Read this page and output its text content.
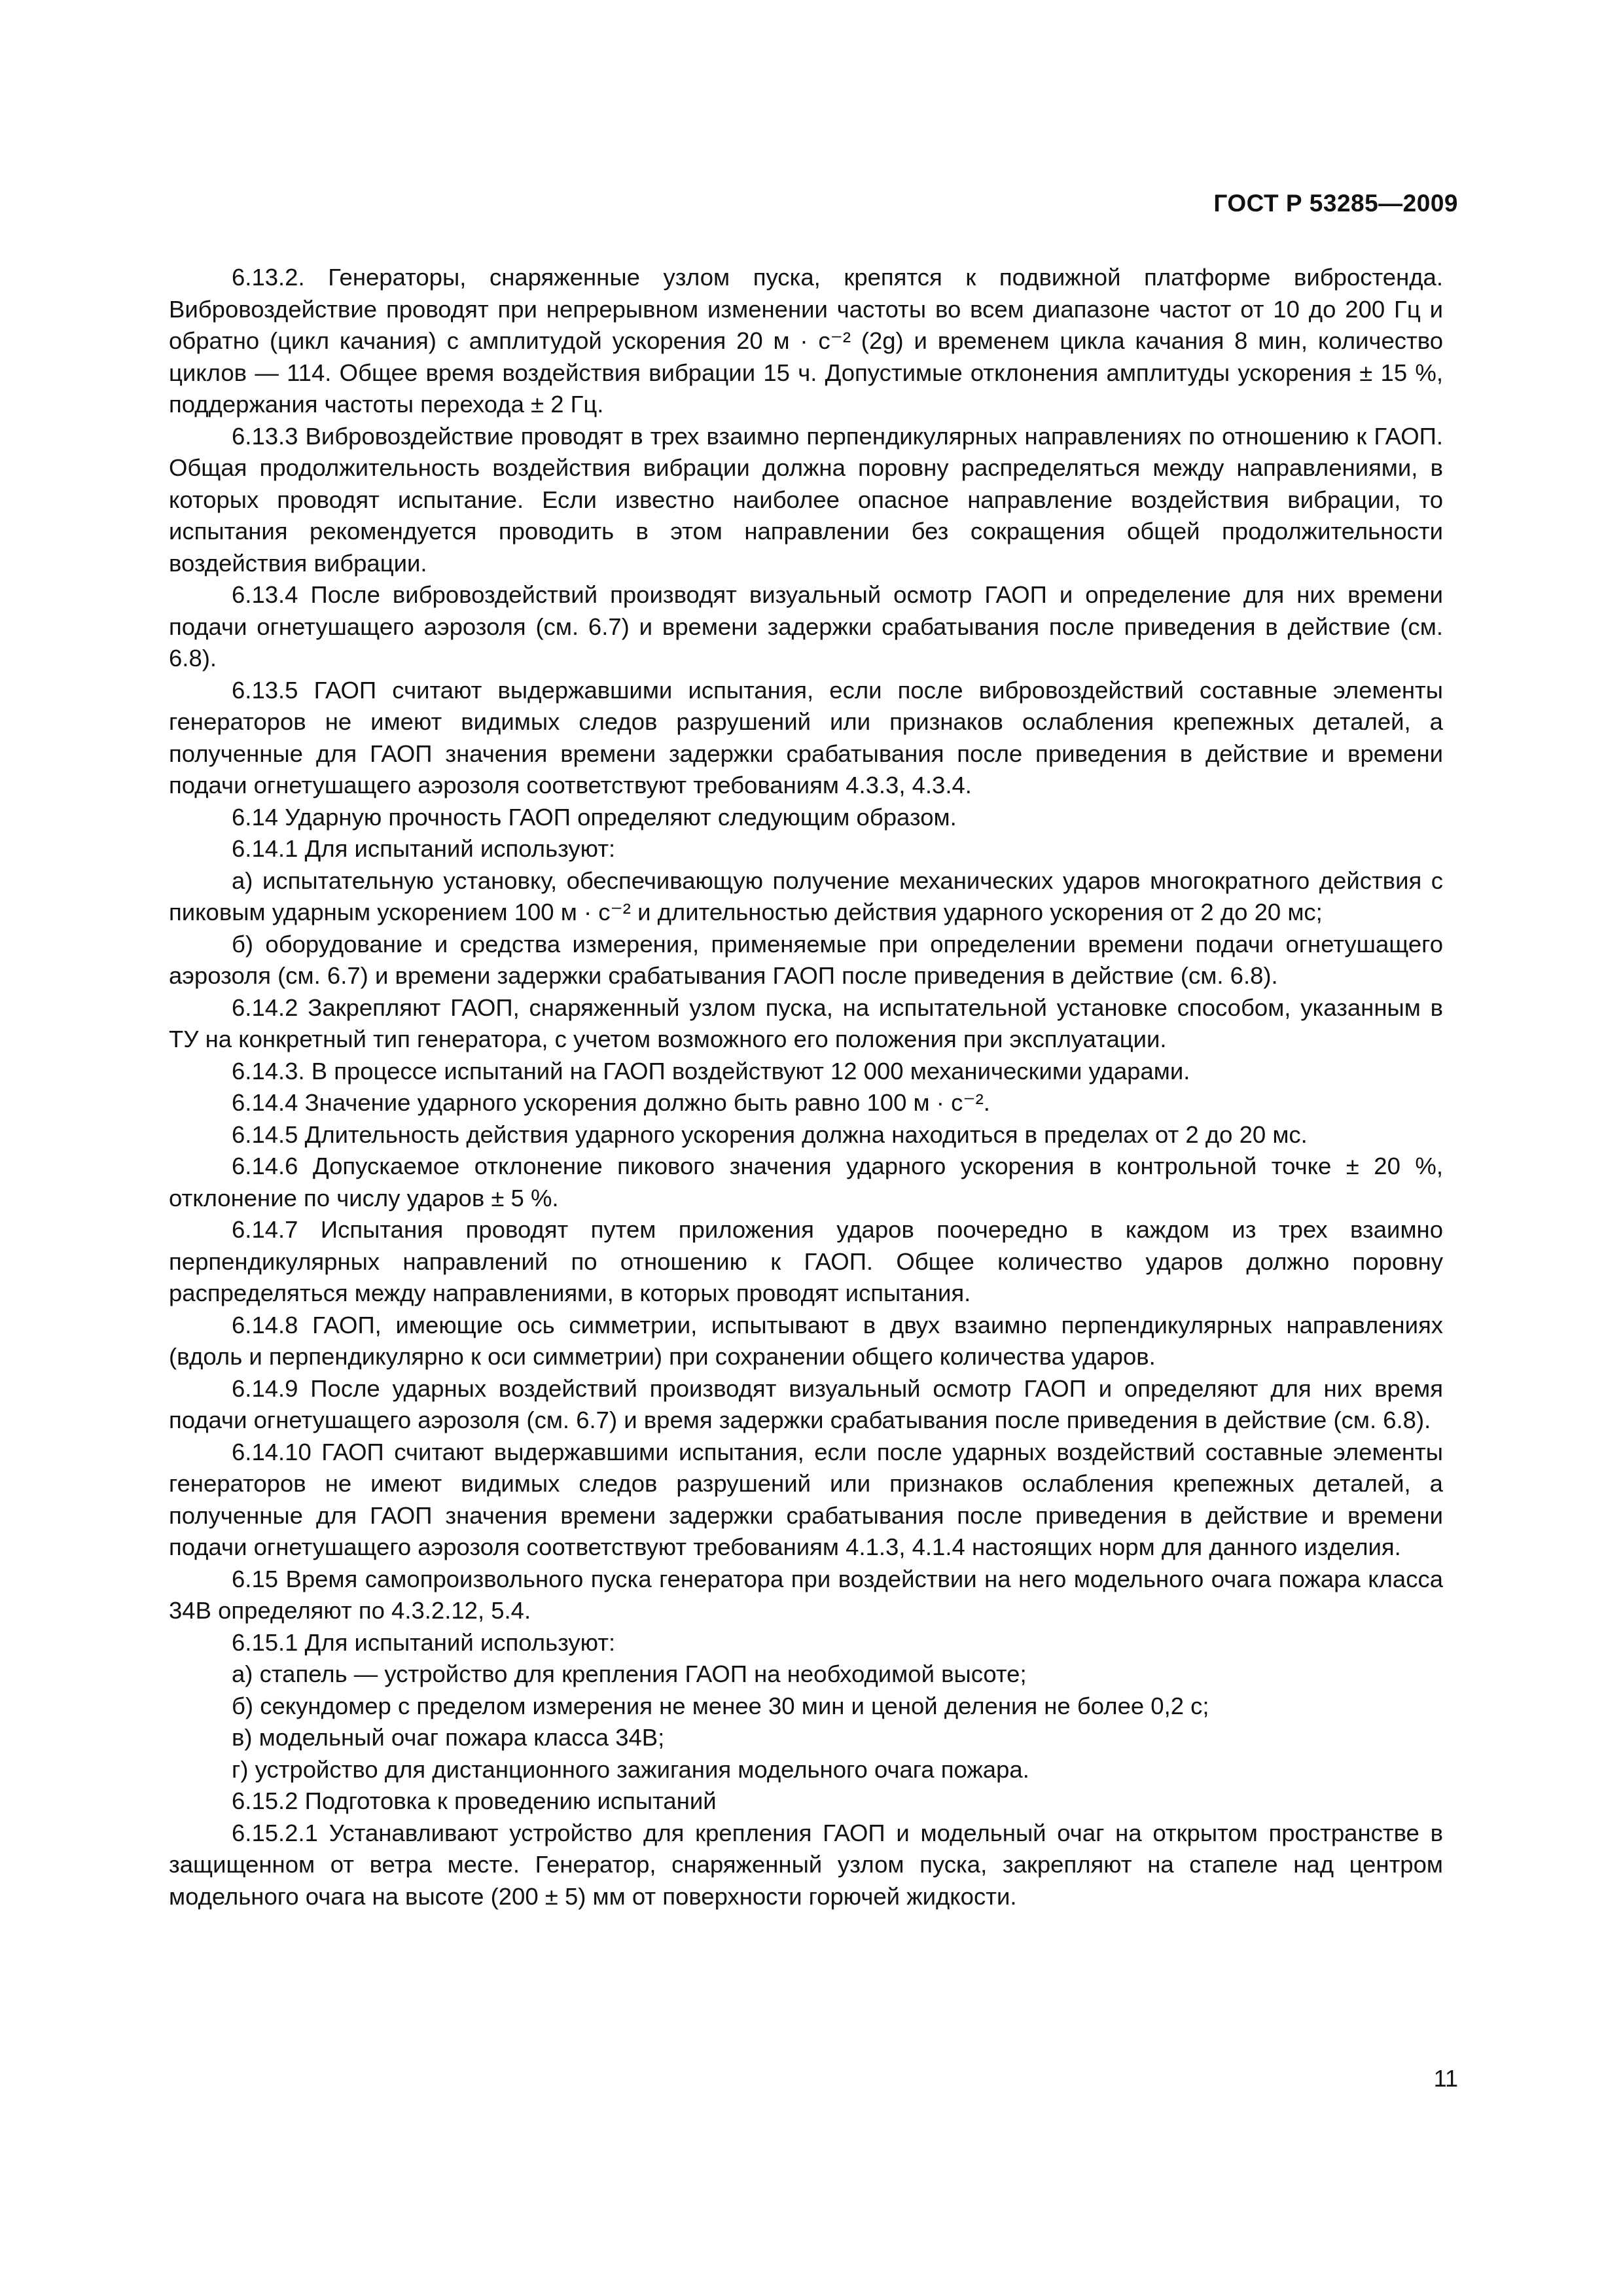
ГОСТ Р 53285—2009

6.13.2. Генераторы, снаряженные узлом пуска, крепятся к подвижной платформе вибростенда. Вибровоздействие проводят при непрерывном изменении частоты во всем диапазоне частот от 10 до 200 Гц и обратно (цикл качания) с амплитудой ускорения 20 м · с⁻² (2g) и временем цикла качания 8 мин, количество циклов — 114. Общее время воздействия вибрации 15 ч. Допустимые отклонения амплитуды ускорения ± 15 %, поддержания частоты перехода ± 2 Гц.

6.13.3 Вибровоздействие проводят в трех взаимно перпендикулярных направлениях по отношению к ГАОП. Общая продолжительность воздействия вибрации должна поровну распределяться между направлениями, в которых проводят испытание. Если известно наиболее опасное направление воздействия вибрации, то испытания рекомендуется проводить в этом направлении без сокращения общей продолжительности воздействия вибрации.

6.13.4 После вибровоздействий производят визуальный осмотр ГАОП и определение для них времени подачи огнетушащего аэрозоля (см. 6.7) и времени задержки срабатывания после приведения в действие (см. 6.8).

6.13.5 ГАОП считают выдержавшими испытания, если после вибровоздействий составные элементы генераторов не имеют видимых следов разрушений или признаков ослабления крепежных деталей, а полученные для ГАОП значения времени задержки срабатывания после приведения в действие и времени подачи огнетушащего аэрозоля соответствуют требованиям 4.3.3, 4.3.4.

6.14 Ударную прочность ГАОП определяют следующим образом.

6.14.1 Для испытаний используют:

а) испытательную установку, обеспечивающую получение механических ударов многократного действия с пиковым ударным ускорением 100 м · с⁻² и длительностью действия ударного ускорения от 2 до 20 мс;

б) оборудование и средства измерения, применяемые при определении времени подачи огнетушащего аэрозоля (см. 6.7) и времени задержки срабатывания ГАОП после приведения в действие (см. 6.8).

6.14.2 Закрепляют ГАОП, снаряженный узлом пуска, на испытательной установке способом, указанным в ТУ на конкретный тип генератора, с учетом возможного его положения при эксплуатации.

6.14.3. В процессе испытаний на ГАОП воздействуют 12 000 механическими ударами.

6.14.4 Значение ударного ускорения должно быть равно 100 м · с⁻².

6.14.5 Длительность действия ударного ускорения должна находиться в пределах от 2 до 20 мс.

6.14.6 Допускаемое отклонение пикового значения ударного ускорения в контрольной точке ± 20 %, отклонение по числу ударов ± 5 %.

6.14.7 Испытания проводят путем приложения ударов поочередно в каждом из трех взаимно перпендикулярных направлений по отношению к ГАОП. Общее количество ударов должно поровну распределяться между направлениями, в которых проводят испытания.

6.14.8 ГАОП, имеющие ось симметрии, испытывают в двух взаимно перпендикулярных направлениях (вдоль и перпендикулярно к оси симметрии) при сохранении общего количества ударов.

6.14.9 После ударных воздействий производят визуальный осмотр ГАОП и определяют для них время подачи огнетушащего аэрозоля (см. 6.7) и время задержки срабатывания после приведения в действие (см. 6.8).

6.14.10 ГАОП считают выдержавшими испытания, если после ударных воздействий составные элементы генераторов не имеют видимых следов разрушений или признаков ослабления крепежных деталей, а полученные для ГАОП значения времени задержки срабатывания после приведения в действие и времени подачи огнетушащего аэрозоля соответствуют требованиям 4.1.3, 4.1.4 настоящих норм для данного изделия.

6.15 Время самопроизвольного пуска генератора при воздействии на него модельного очага пожара класса 34В определяют по 4.3.2.12, 5.4.

6.15.1 Для испытаний используют:

а) стапель — устройство для крепления ГАОП на необходимой высоте;

б) секундомер с пределом измерения не менее 30 мин и ценой деления не более 0,2 с;

в) модельный очаг пожара класса 34В;

г) устройство для дистанционного зажигания модельного очага пожара.

6.15.2 Подготовка к проведению испытаний

6.15.2.1 Устанавливают устройство для крепления ГАОП и модельный очаг на открытом пространстве в защищенном от ветра месте. Генератор, снаряженный узлом пуска, закрепляют на стапеле над центром модельного очага на высоте (200 ± 5) мм от поверхности горючей жидкости.

11
